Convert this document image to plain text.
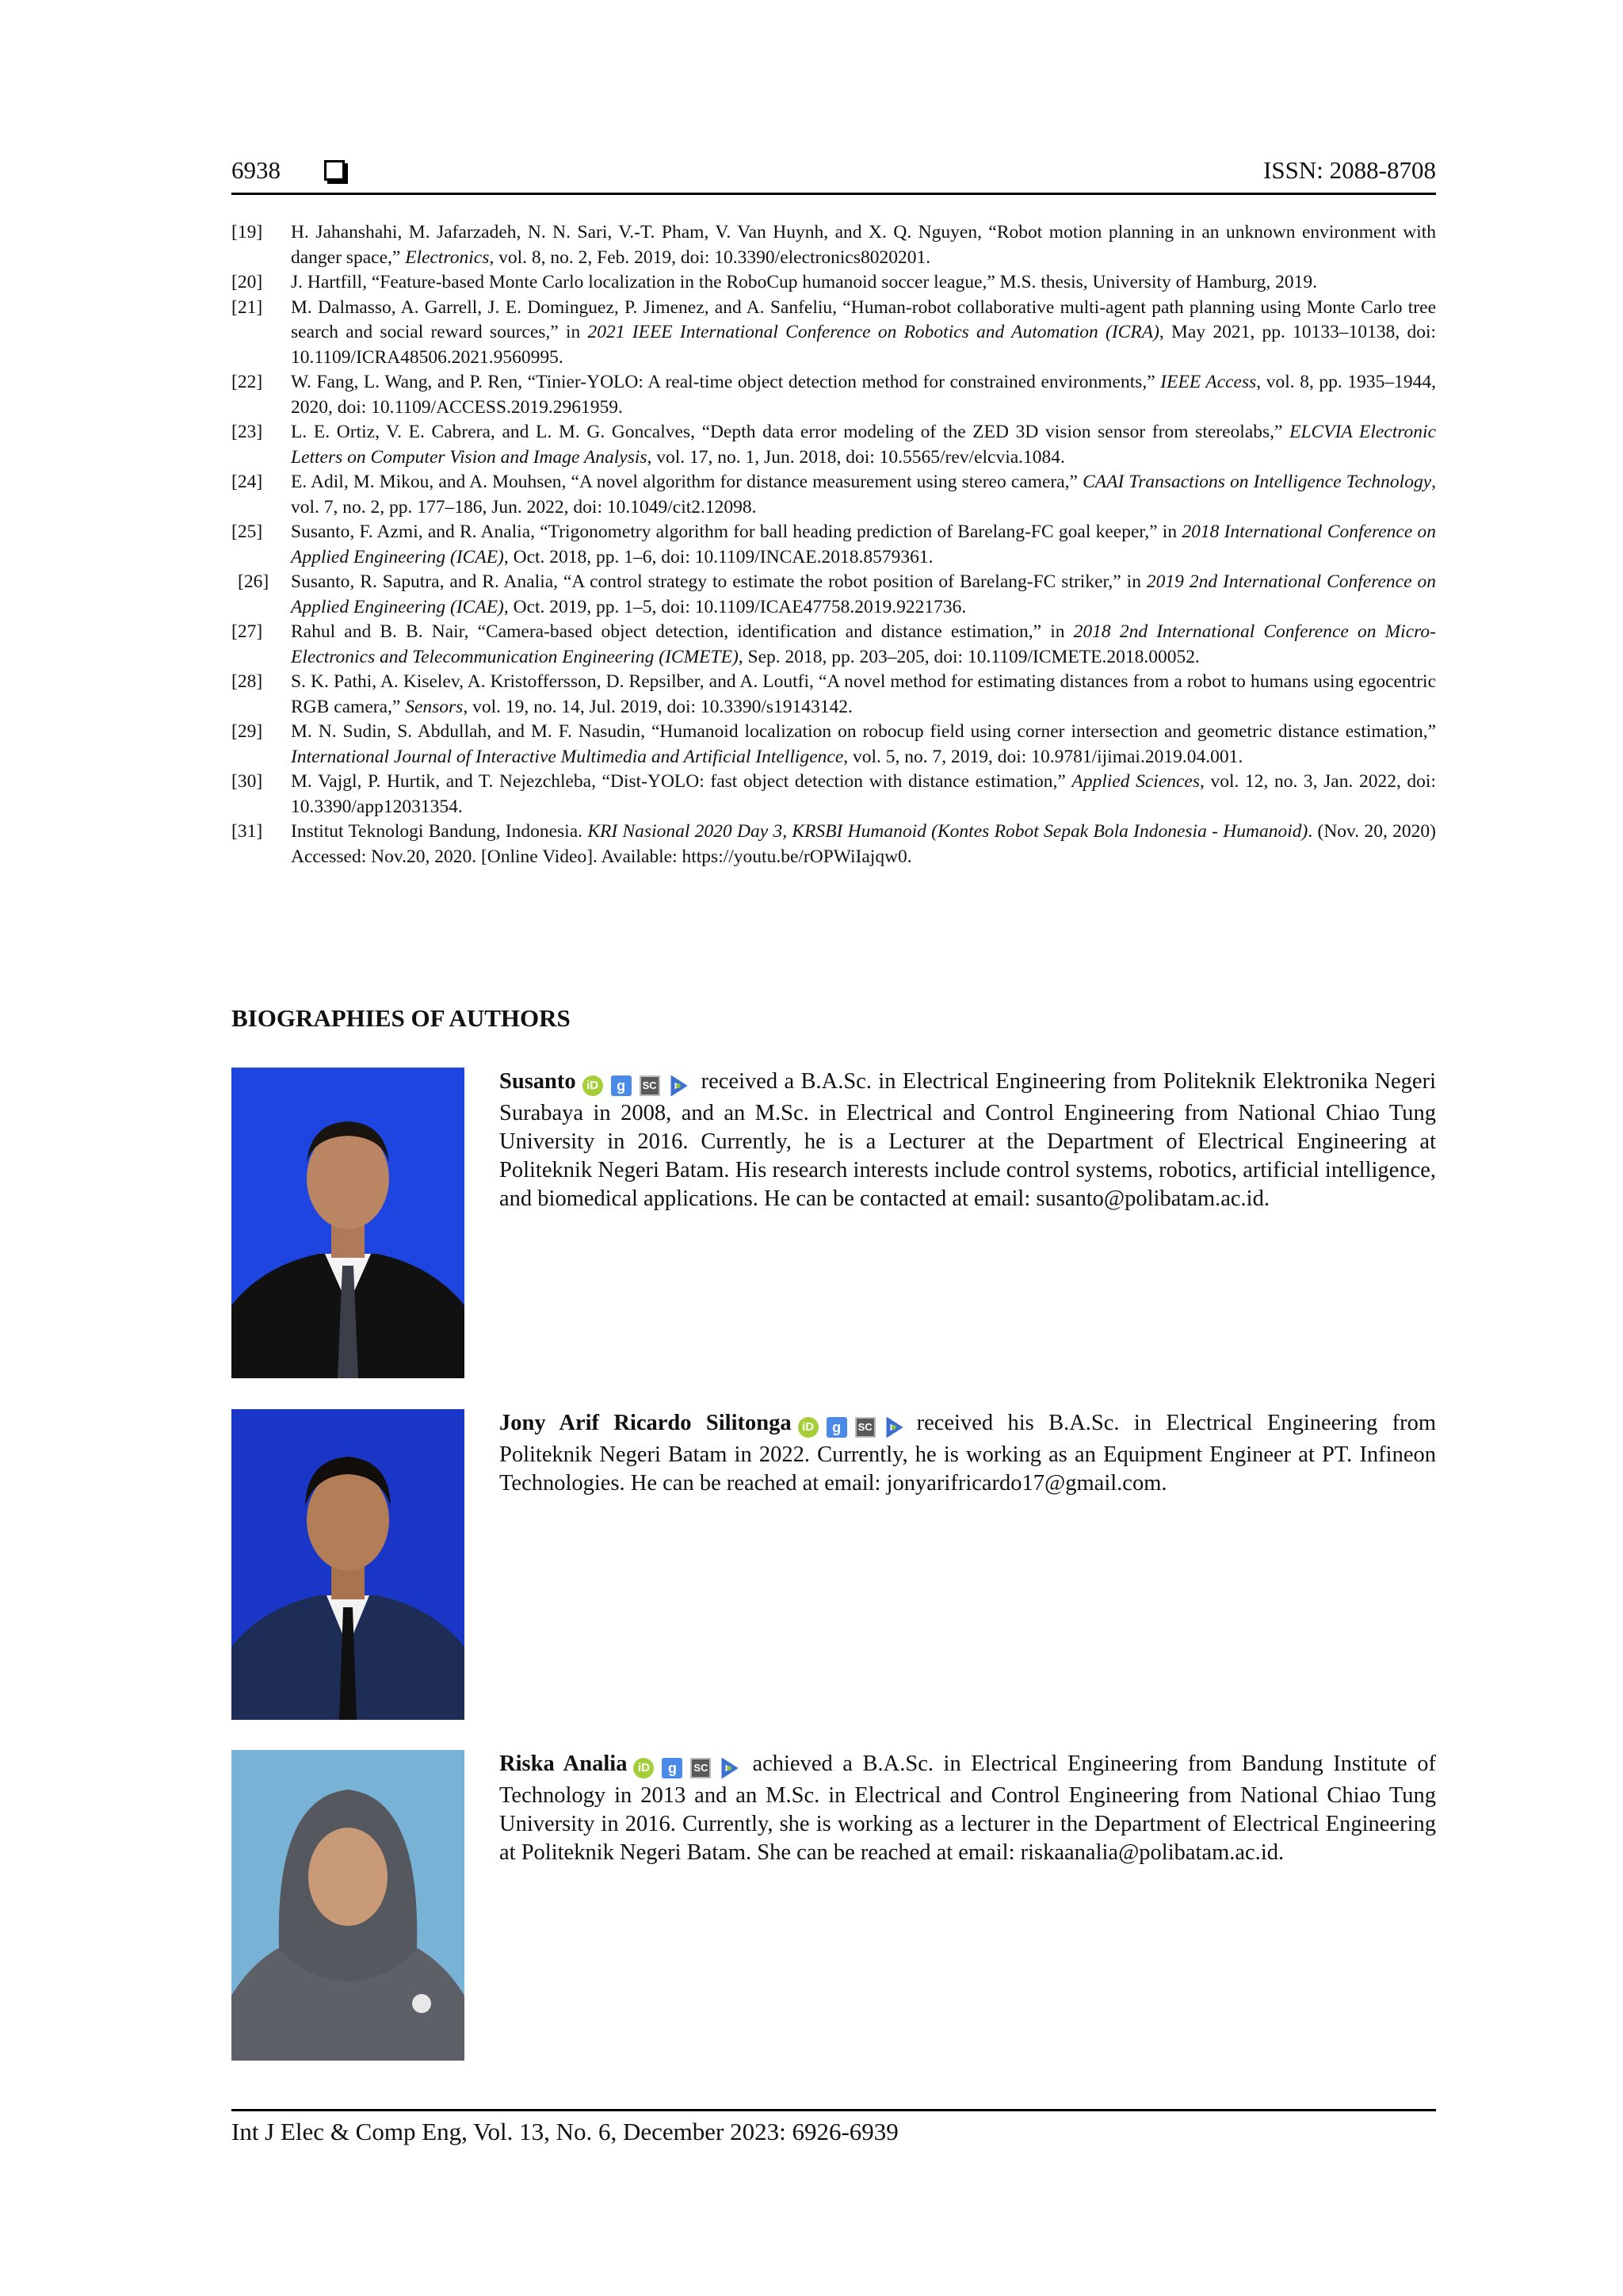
6938	ISSN: 2088-8708
[19]	H. Jahanshahi, M. Jafarzadeh, N. N. Sari, V.-T. Pham, V. Van Huynh, and X. Q. Nguyen, “Robot motion planning in an unknown environment with danger space,” Electronics, vol. 8, no. 2, Feb. 2019, doi: 10.3390/electronics8020201.
[20]	J. Hartfill, “Feature-based Monte Carlo localization in the RoboCup humanoid soccer league,” M.S. thesis, University of Hamburg, 2019.
[21]	M. Dalmasso, A. Garrell, J. E. Dominguez, P. Jimenez, and A. Sanfeliu, “Human-robot collaborative multi-agent path planning using Monte Carlo tree search and social reward sources,” in 2021 IEEE International Conference on Robotics and Automation (ICRA), May 2021, pp. 10133–10138, doi: 10.1109/ICRA48506.2021.9560995.
[22]	W. Fang, L. Wang, and P. Ren, “Tinier-YOLO: A real-time object detection method for constrained environments,” IEEE Access, vol. 8, pp. 1935–1944, 2020, doi: 10.1109/ACCESS.2019.2961959.
[23]	L. E. Ortiz, V. E. Cabrera, and L. M. G. Goncalves, “Depth data error modeling of the ZED 3D vision sensor from stereolabs,” ELCVIA Electronic Letters on Computer Vision and Image Analysis, vol. 17, no. 1, Jun. 2018, doi: 10.5565/rev/elcvia.1084.
[24]	E. Adil, M. Mikou, and A. Mouhsen, “A novel algorithm for distance measurement using stereo camera,” CAAI Transactions on Intelligence Technology, vol. 7, no. 2, pp. 177–186, Jun. 2022, doi: 10.1049/cit2.12098.
[25]	Susanto, F. Azmi, and R. Analia, “Trigonometry algorithm for ball heading prediction of Barelang-FC goal keeper,” in 2018 International Conference on Applied Engineering (ICAE), Oct. 2018, pp. 1–6, doi: 10.1109/INCAE.2018.8579361.
[26]	Susanto, R. Saputra, and R. Analia, “A control strategy to estimate the robot position of Barelang-FC striker,” in 2019 2nd International Conference on Applied Engineering (ICAE), Oct. 2019, pp. 1–5, doi: 10.1109/ICAE47758.2019.9221736.
[27]	Rahul and B. B. Nair, “Camera-based object detection, identification and distance estimation,” in 2018 2nd International Conference on Micro-Electronics and Telecommunication Engineering (ICMETE), Sep. 2018, pp. 203–205, doi: 10.1109/ICMETE.2018.00052.
[28]	S. K. Pathi, A. Kiselev, A. Kristoffersson, D. Repsilber, and A. Loutfi, “A novel method for estimating distances from a robot to humans using egocentric RGB camera,” Sensors, vol. 19, no. 14, Jul. 2019, doi: 10.3390/s19143142.
[29]	M. N. Sudin, S. Abdullah, and M. F. Nasudin, “Humanoid localization on robocup field using corner intersection and geometric distance estimation,” International Journal of Interactive Multimedia and Artificial Intelligence, vol. 5, no. 7, 2019, doi: 10.9781/ijimai.2019.04.001.
[30]	M. Vajgl, P. Hurtik, and T. Nejezchleba, “Dist-YOLO: fast object detection with distance estimation,” Applied Sciences, vol. 12, no. 3, Jan. 2022, doi: 10.3390/app12031354.
[31]	Institut Teknologi Bandung, Indonesia. KRI Nasional 2020 Day 3, KRSBI Humanoid (Kontes Robot Sepak Bola Indonesia - Humanoid). (Nov. 20, 2020) Accessed: Nov.20, 2020. [Online Video]. Available: https://youtu.be/rOPWiIajqw0.
BIOGRAPHIES OF AUTHORS
Susanto iD g SC received a B.A.Sc. in Electrical Engineering from Politeknik Elektronika Negeri Surabaya in 2008, and an M.Sc. in Electrical and Control Engineering from National Chiao Tung University in 2016. Currently, he is a Lecturer at the Department of Electrical Engineering at Politeknik Negeri Batam. His research interests include control systems, robotics, artificial intelligence, and biomedical applications. He can be contacted at email: susanto@polibatam.ac.id.
Jony Arif Ricardo Silitonga iD g SC received his B.A.Sc. in Electrical Engineering from Politeknik Negeri Batam in 2022. Currently, he is working as an Equipment Engineer at PT. Infineon Technologies. He can be reached at email: jonyarifricardo17@gmail.com.
Riska Analia iD g SC achieved a B.A.Sc. in Electrical Engineering from Bandung Institute of Technology in 2013 and an M.Sc. in Electrical and Control Engineering from National Chiao Tung University in 2016. Currently, she is working as a lecturer in the Department of Electrical Engineering at Politeknik Negeri Batam. She can be reached at email: riskaanalia@polibatam.ac.id.
Int J Elec & Comp Eng, Vol. 13, No. 6, December 2023: 6926-6939
